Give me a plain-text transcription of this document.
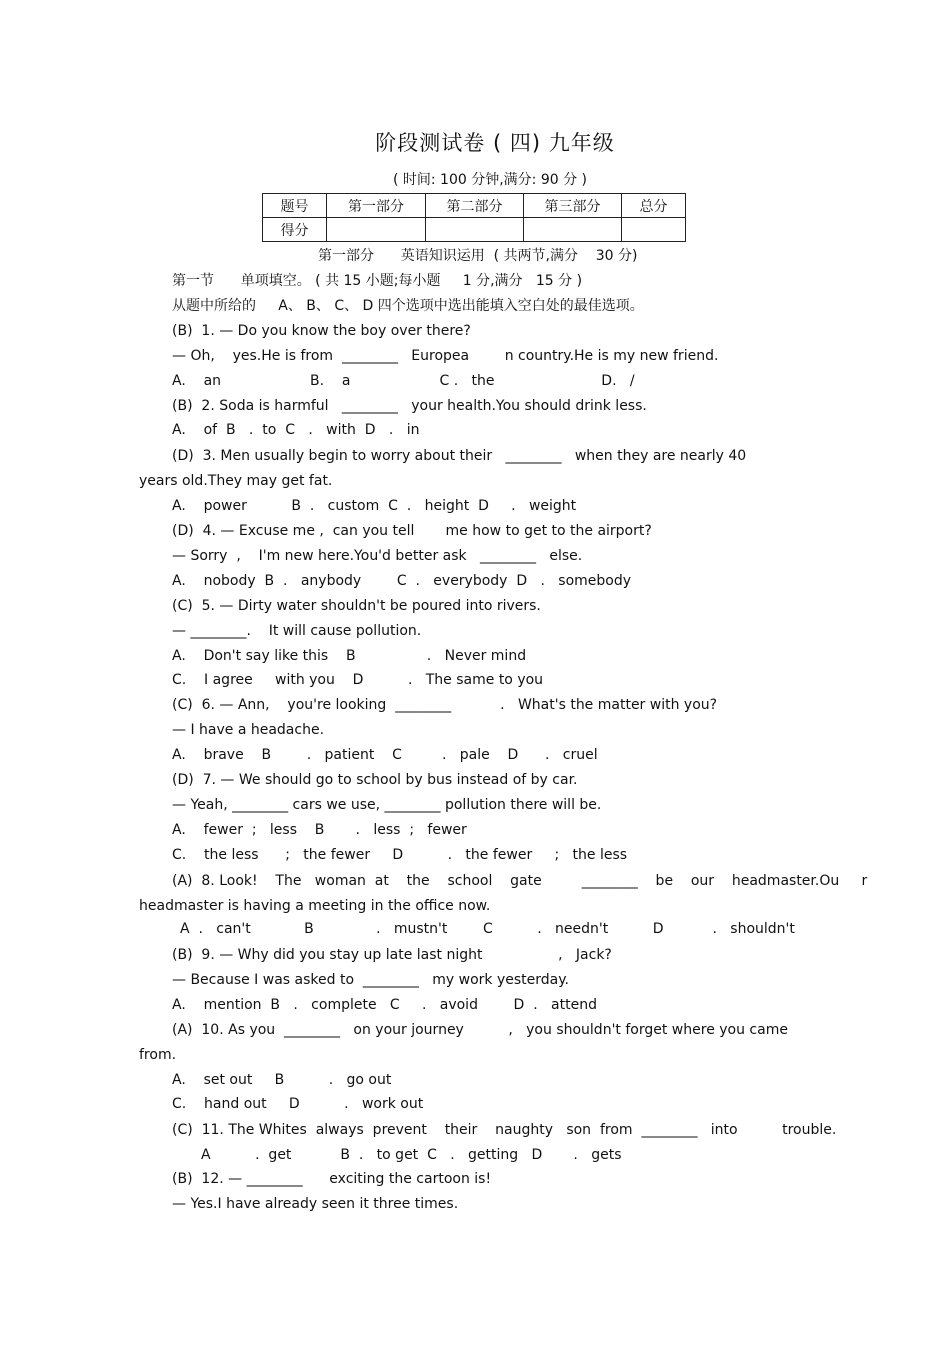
阶段测试卷 ( 四) 九年级
( 时间: 100 分钟,满分: 90 分 )
题号	第一部分	第二部分	第三部分	总分
得分				
第一部分      英语知识运用  ( 共两节,满分    30 分)
第一节      单项填空。 ( 共 15 小题;每小题     1 分,满分   15 分 )
从题中所给的     A、 B、 C、 D 四个选项中选出能填入空白处的最佳选项。
(B)  1. — Do you know the boy over there?
— Oh,    yes.He is from  ________   Europea        n country.He is my new friend.
A.    an                    B.    a                    C .   the                        D.   /
(B)  2. Soda is harmful   ________   your health.You should drink less.
A.    of  B   .  to  C   .   with  D   .   in
(D)  3. Men usually begin to worry about their   ________   when they are nearly 40
years old.They may get fat.
A.    power          B  .   custom  C  .   height  D     .   weight
(D)  4. — Excuse me ,  can you tell       me how to get to the airport?
— Sorry  ,    I'm new here.You'd better ask   ________   else.
A.    nobody  B  .   anybody        C  .   everybody  D   .   somebody
(C)  5. — Dirty water shouldn't be poured into rivers.
— ________.    It will cause pollution.
A.    Don't say like this    B                .   Never mind
C.    I agree     with you    D          .   The same to you
(C)  6. — Ann,    you're looking  ________           .   What's the matter with you?
— I have a headache.
A.    brave    B        .   patient    C         .   pale    D      .   cruel
(D)  7. — We should go to school by bus instead of by car.
— Yeah, ________ cars we use, ________ pollution there will be.
A.    fewer  ;   less    B       .   less  ;   fewer
C.    the less      ;   the fewer     D          .   the fewer     ;   the less
(A)  8. Look!    The   woman  at    the    school    gate         ________    be    our    headmaster.Ou     r
headmaster is having a meeting in the office now.
A  .   can't            B              .   mustn't        C          .   needn't          D           .   shouldn't
(B)  9. — Why did you stay up late last night                 ,   Jack?
— Because I was asked to  ________   my work yesterday.
A.    mention  B   .   complete   C     .   avoid        D  .   attend
(A)  10. As you  ________   on your journey          ,   you shouldn't forget where you came
from.
A.    set out     B          .   go out
C.    hand out     D          .   work out
(C)  11. The Whites  always  prevent    their    naughty   son  from  ________   into          trouble.
A          .  get           B  .   to get  C   .   getting   D       .   gets
(B)  12. — ________      exciting the cartoon is!
— Yes.I have already seen it three times.
